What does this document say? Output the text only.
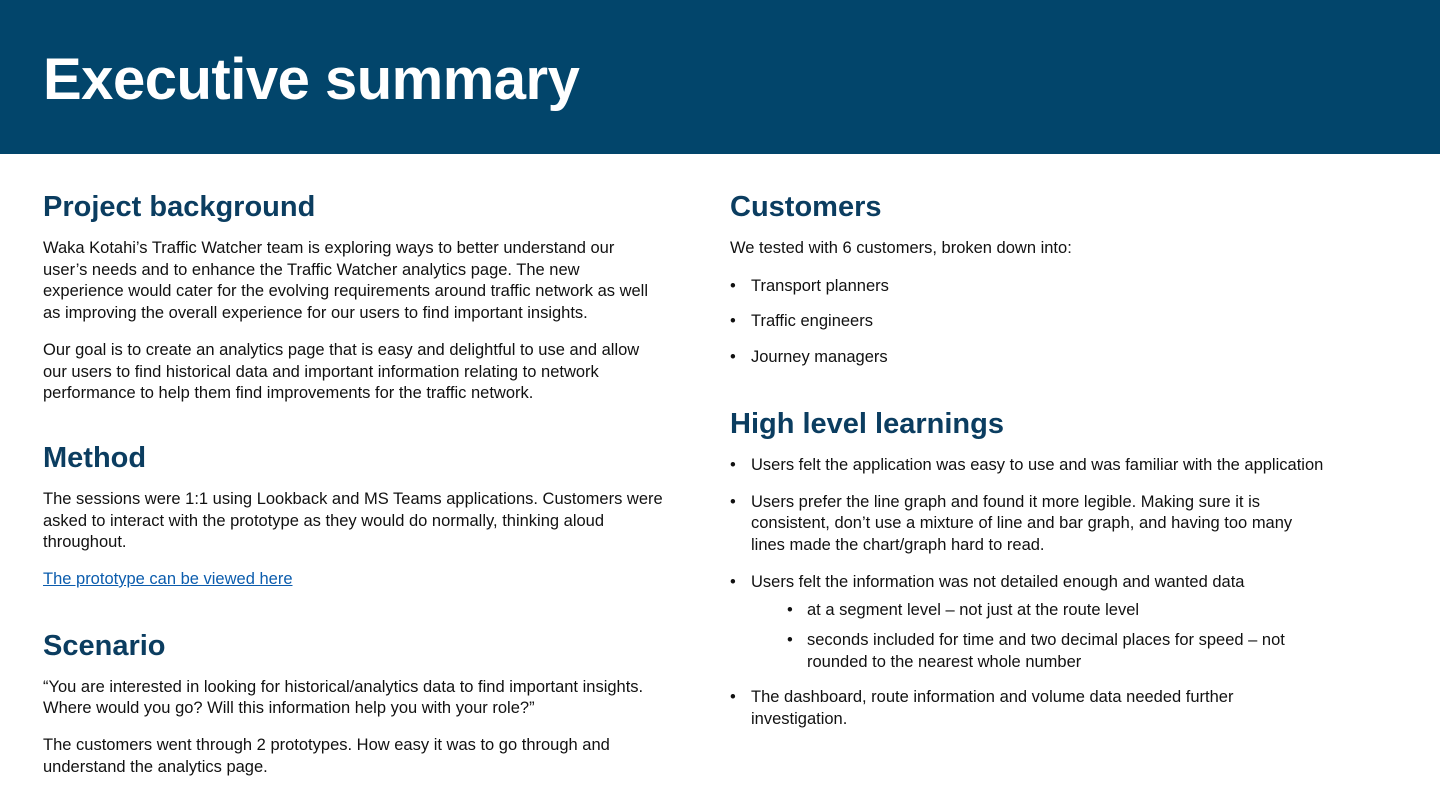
Executive summary
Project background

Waka Kotahi’s Traffic Watcher team is exploring ways to better understand our user’s needs and to enhance the Traffic Watcher analytics page. The new experience would cater for the evolving requirements around traffic network as well as improving the overall experience for our users to find important insights.

Our goal is to create an analytics page that is easy and delightful to use and allow our users to find historical data and important information relating to network performance to help them find improvements for the traffic network.

Method

The sessions were 1:1 using Lookback and MS Teams applications. Customers were asked to interact with the prototype as they would do normally, thinking aloud throughout.

The prototype can be viewed here

Scenario

“You are interested in looking for historical/analytics data to find important insights. Where would you go? Will this information help you with your role?”

The customers went through 2 prototypes. How easy it was to go through and understand the analytics page.

Customers

We tested with 6 customers, broken down into:

• Transport planners
• Traffic engineers
• Journey managers
High level learnings
• Users felt the application was easy to use and was familiar with the application
• Users prefer the line graph and found it more legible. Making sure it is consistent, don’t use a mixture of line and bar graph, and having too many lines made the chart/graph hard to read.
• Users felt the information was not detailed enough and wanted data
• at a segment level – not just at the route level
• seconds included for time and two decimal places for speed – not rounded to the nearest whole number
• The dashboard, route information and volume data needed further investigation.
